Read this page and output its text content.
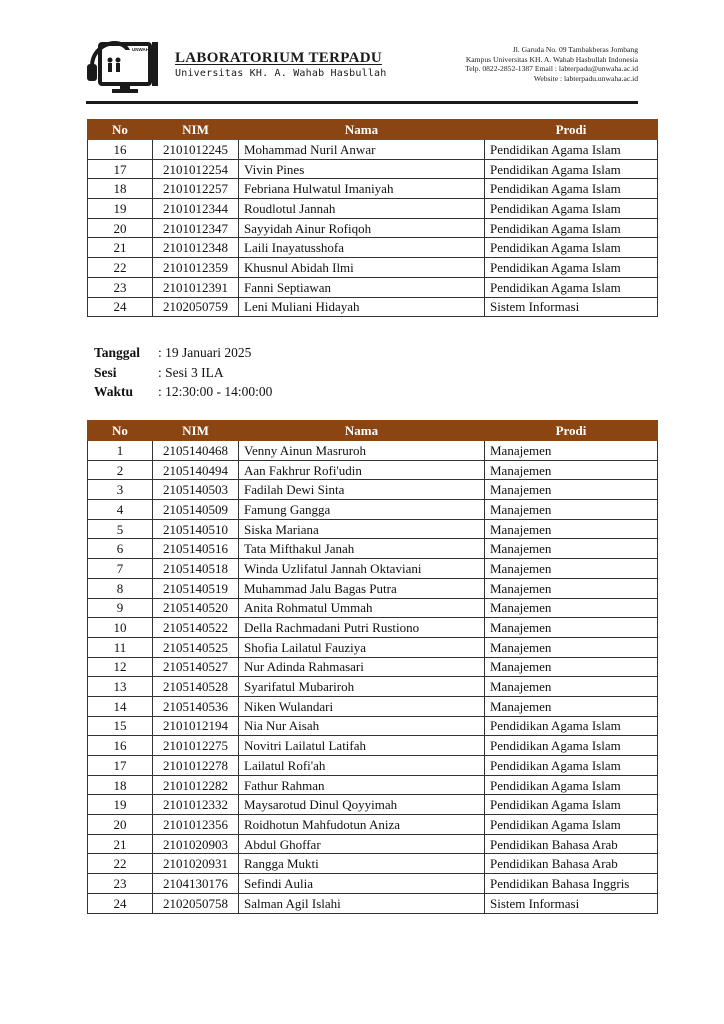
UNWAHA
LABORATORIUM TERPADU
Universitas KH. A. Wahab Hasbullah
Jl. Garuda No. 09 Tambakberas Jombang
Kampus Universitas KH. A. Wahab Hasbullah Indonesia
Telp. 0822-2852-1387 Email : labterpadu@unwaha.ac.id
Website : labterpadu.unwaha.ac.id
No	NIM	Nama	Prodi
16	2101012245	Mohammad Nuril Anwar	Pendidikan Agama Islam
17	2101012254	Vivin Pines	Pendidikan Agama Islam
18	2101012257	Febriana Hulwatul Imaniyah	Pendidikan Agama Islam
19	2101012344	Roudlotul Jannah	Pendidikan Agama Islam
20	2101012347	Sayyidah Ainur Rofiqoh	Pendidikan Agama Islam
21	2101012348	Laili Inayatusshofa	Pendidikan Agama Islam
22	2101012359	Khusnul Abidah Ilmi	Pendidikan Agama Islam
23	2101012391	Fanni Septiawan	Pendidikan Agama Islam
24	2102050759	Leni Muliani Hidayah	Sistem Informasi
Tanggal	: 19 Januari 2025
Sesi	: Sesi 3 ILA
Waktu	: 12:30:00 - 14:00:00
No	NIM	Nama	Prodi
1	2105140468	Venny Ainun Masruroh	Manajemen
2	2105140494	Aan Fakhrur Rofi'udin	Manajemen
3	2105140503	Fadilah Dewi Sinta	Manajemen
4	2105140509	Famung Gangga	Manajemen
5	2105140510	Siska Mariana	Manajemen
6	2105140516	Tata Mifthakul Janah	Manajemen
7	2105140518	Winda Uzlifatul Jannah Oktaviani	Manajemen
8	2105140519	Muhammad Jalu Bagas Putra	Manajemen
9	2105140520	Anita Rohmatul Ummah	Manajemen
10	2105140522	Della Rachmadani Putri Rustiono	Manajemen
11	2105140525	Shofia Lailatul Fauziya	Manajemen
12	2105140527	Nur Adinda Rahmasari	Manajemen
13	2105140528	Syarifatul Mubariroh	Manajemen
14	2105140536	Niken Wulandari	Manajemen
15	2101012194	Nia Nur Aisah	Pendidikan Agama Islam
16	2101012275	Novitri Lailatul Latifah	Pendidikan Agama Islam
17	2101012278	Lailatul Rofi'ah	Pendidikan Agama Islam
18	2101012282	Fathur Rahman	Pendidikan Agama Islam
19	2101012332	Maysarotud Dinul Qoyyimah	Pendidikan Agama Islam
20	2101012356	Roidhotun Mahfudotun Aniza	Pendidikan Agama Islam
21	2101020903	Abdul Ghoffar	Pendidikan Bahasa Arab
22	2101020931	Rangga Mukti	Pendidikan Bahasa Arab
23	2104130176	Sefindi Aulia	Pendidikan Bahasa Inggris
24	2102050758	Salman Agil Islahi	Sistem Informasi
